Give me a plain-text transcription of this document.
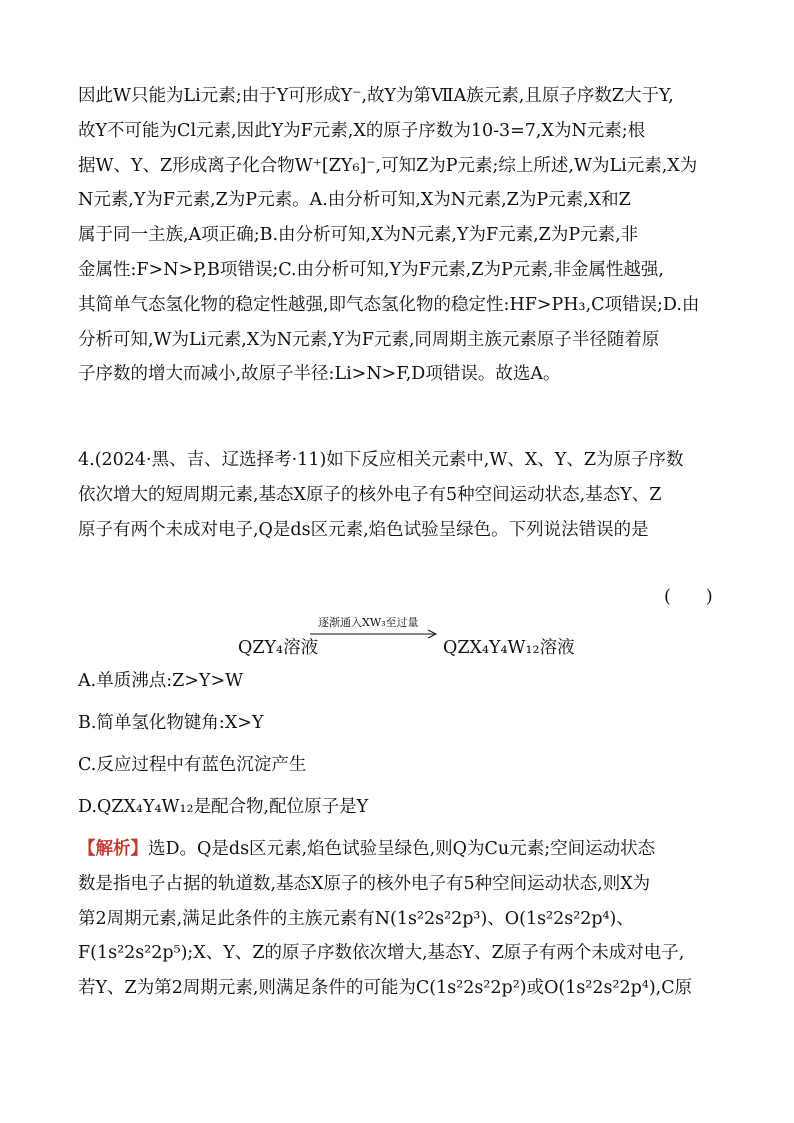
因此W只能为Li元素;由于Y可形成Y⁻,故Y为第ⅦA族元素,且原子序数Z大于Y,
故Y不可能为Cl元素,因此Y为F元素,X的原子序数为10-3=7,X为N元素;根
据W、Y、Z形成离子化合物W⁺[ZY₆]⁻,可知Z为P元素;综上所述,W为Li元素,X为
N元素,Y为F元素,Z为P元素。A.由分析可知,X为N元素,Z为P元素,X和Z
属于同一主族,A项正确;B.由分析可知,X为N元素,Y为F元素,Z为P元素,非
金属性:F>N>P,B项错误;C.由分析可知,Y为F元素,Z为P元素,非金属性越强,
其简单气态氢化物的稳定性越强,即气态氢化物的稳定性:HF>PH₃,C项错误;D.由
分析可知,W为Li元素,X为N元素,Y为F元素,同周期主族元素原子半径随着原
子序数的增大而减小,故原子半径:Li>N>F,D项错误。故选A。
4.(2024·黑、吉、辽选择考·11)如下反应相关元素中,W、X、Y、Z为原子序数
依次增大的短周期元素,基态X原子的核外电子有5种空间运动状态,基态Y、Z
原子有两个未成对电子,Q是ds区元素,焰色试验呈绿色。下列说法错误的是
(　　)
QZY₄溶液
逐渐通入XW₃至过量
QZX₄Y₄W₁₂溶液
A.单质沸点:Z>Y>W
B.简单氢化物键角:X>Y
C.反应过程中有蓝色沉淀产生
D.QZX₄Y₄W₁₂是配合物,配位原子是Y
【解析】选D。Q是ds区元素,焰色试验呈绿色,则Q为Cu元素;空间运动状态
数是指电子占据的轨道数,基态X原子的核外电子有5种空间运动状态,则X为
第2周期元素,满足此条件的主族元素有N(1s²2s²2p³)、O(1s²2s²2p⁴)、
F(1s²2s²2p⁵);X、Y、Z的原子序数依次增大,基态Y、Z原子有两个未成对电子,
若Y、Z为第2周期元素,则满足条件的可能为C(1s²2s²2p²)或O(1s²2s²2p⁴),C原
